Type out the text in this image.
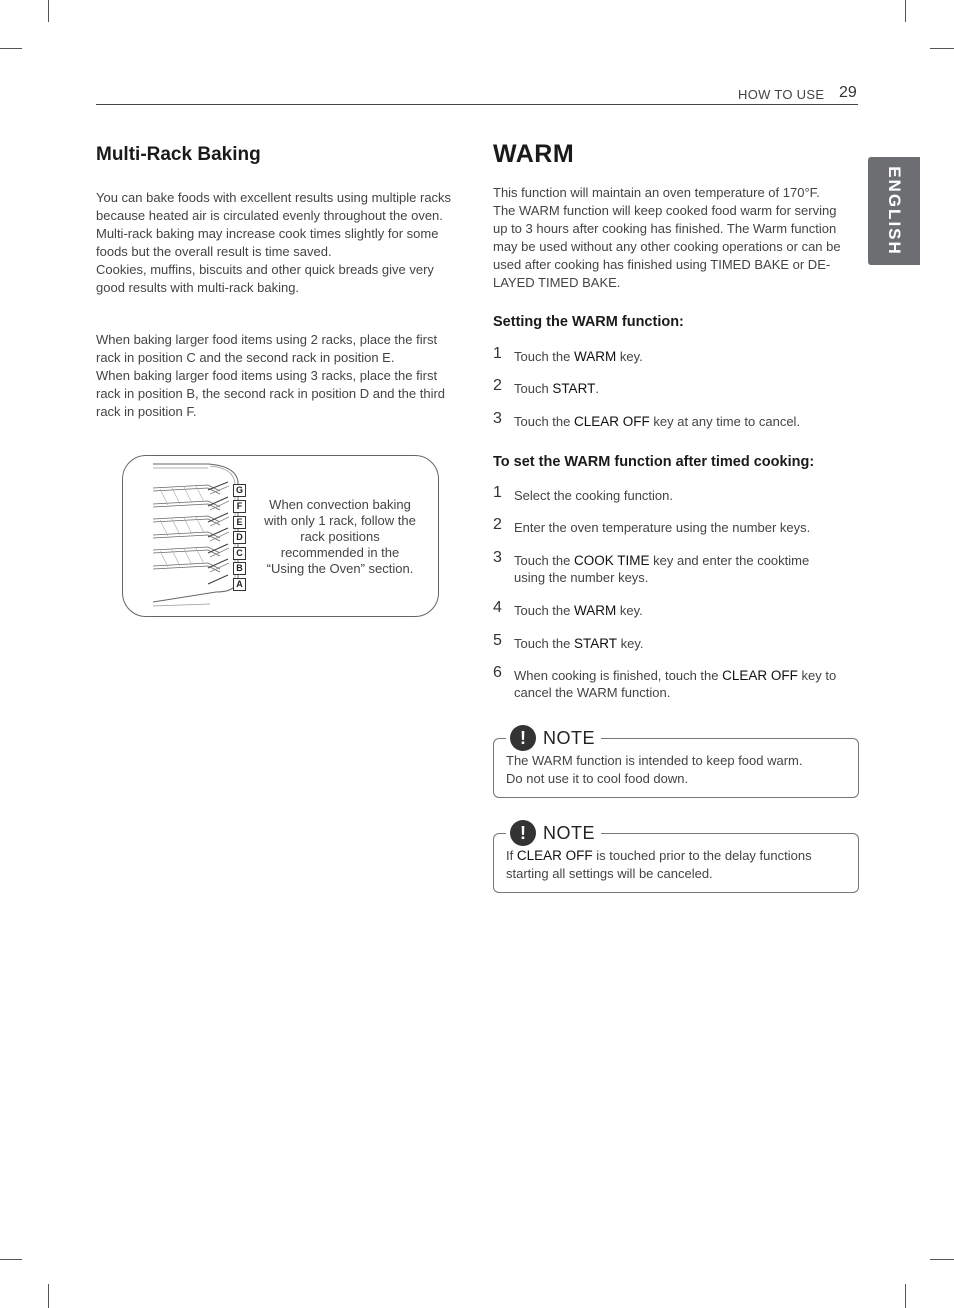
HOW TO USE 29
ENGLISH
Multi-Rack Baking

You can bake foods with excellent results using multiple racks
because heated air is circulated evenly throughout the oven.
Multi-rack baking may increase cook times slightly for some
foods but the overall result is time saved.
Cookies, muffins, biscuits and other quick breads give very
good results with multi-rack baking.

When baking larger food items using 2 racks, place the first
rack in position C and the second rack in position E.
When baking larger food items using 3 racks, place the first
rack in position B, the second rack in position D and the third
rack in position F.

G
F
E
D
C
B
A
When convection baking
with only 1 rack, follow the
rack positions
recommended in the
“Using the Oven” section.
WARM

This function will maintain an oven temperature of 170°F.
The WARM function will keep cooked food warm for serving
up to 3 hours after cooking has finished. The Warm function
may be used without any other cooking operations or can be
used after cooking has finished using TIMED BAKE or DE-
LAYED TIMED BAKE.

Setting the WARM function:
1 Touch the WARM key.
2 Touch START.
3 Touch the CLEAR OFF key at any time to cancel.
To set the WARM function after timed cooking:
1 Select the cooking function.
2 Enter the oven temperature using the number keys.
3 Touch the COOK TIME key and enter the cooktime
using the number keys.
4 Touch the WARM key.
5 Touch the START key.
6 When cooking is finished, touch the CLEAR OFF key to
cancel the WARM function.
! NOTE
The WARM function is intended to keep food warm.
Do not use it to cool food down.
! NOTE
If CLEAR OFF is touched prior to the delay functions
starting all settings will be canceled.
